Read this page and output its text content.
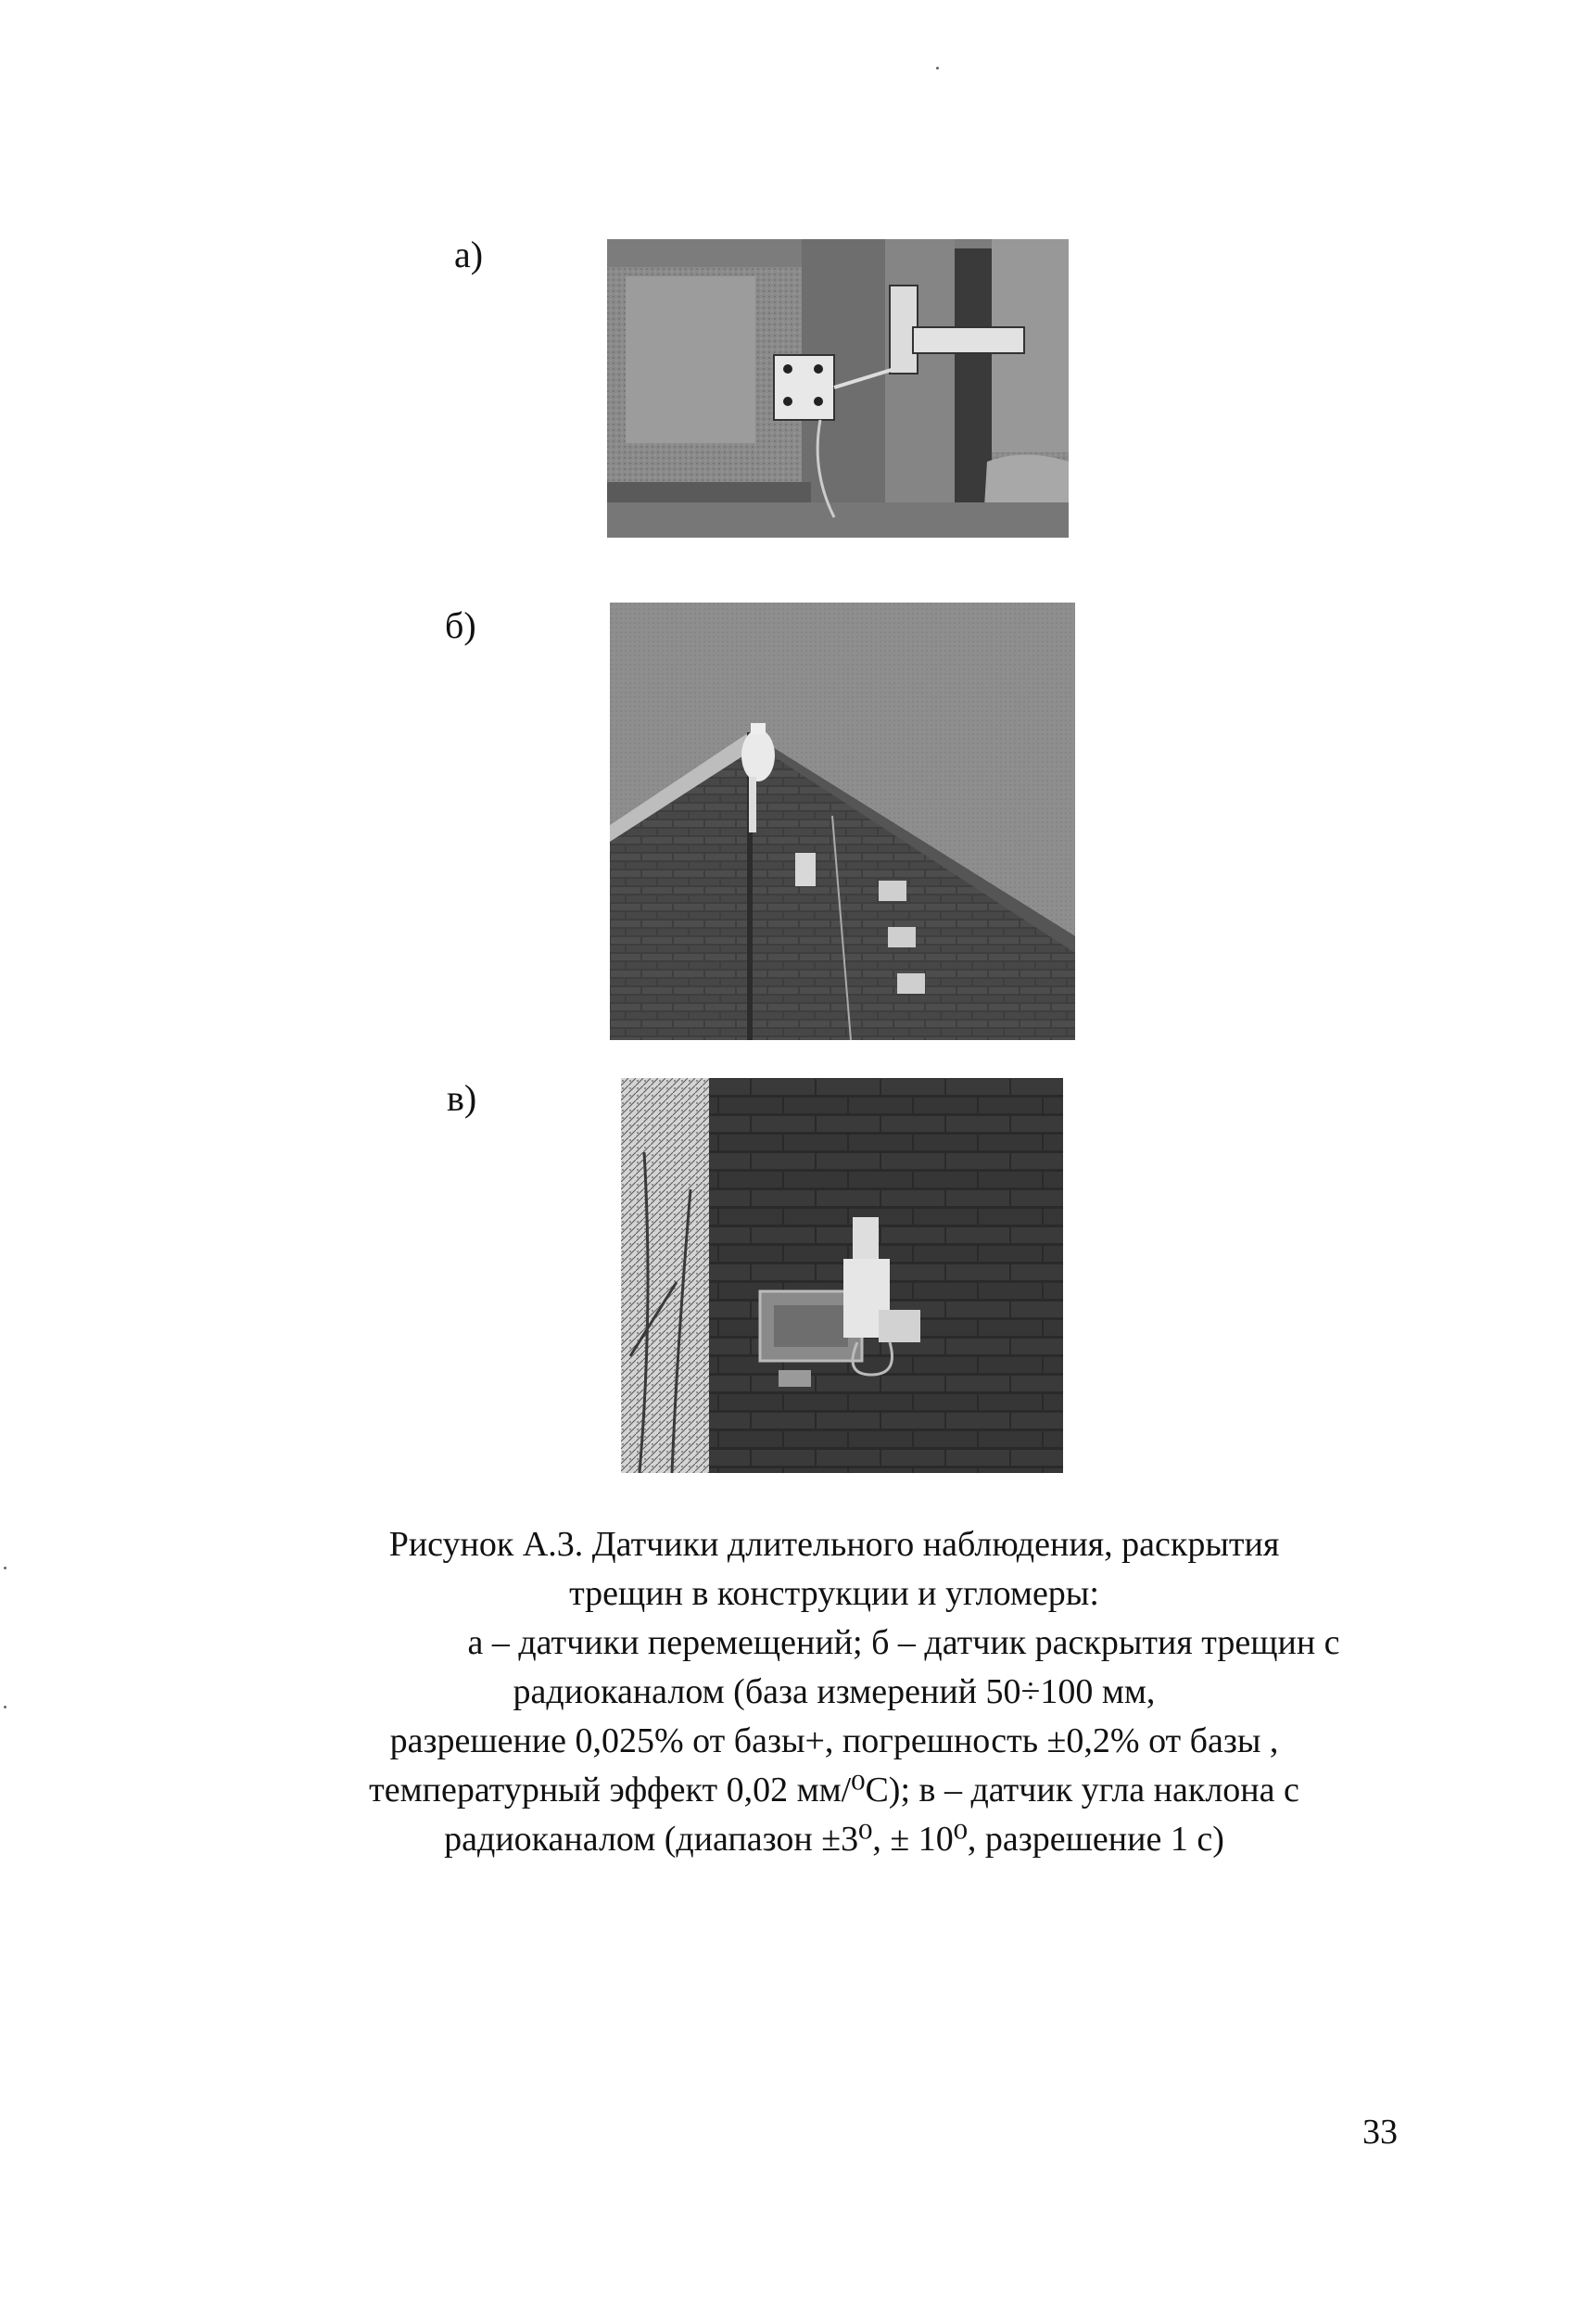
а)
б)
в)
Рисунок А.3. Датчики длительного наблюдения, раскрытия
трещин в конструкции и угломеры:
а – датчики перемещений; б – датчик раскрытия трещин с
радиоканалом (база измерений 50÷100 мм,
разрешение 0,025% от базы+, погрешность ±0,2% от базы ,
температурный эффект 0,02 мм/⁰С); в – датчик угла наклона с
радиоканалом (диапазон ±3⁰, ± 10⁰, разрешение 1 с)
33
